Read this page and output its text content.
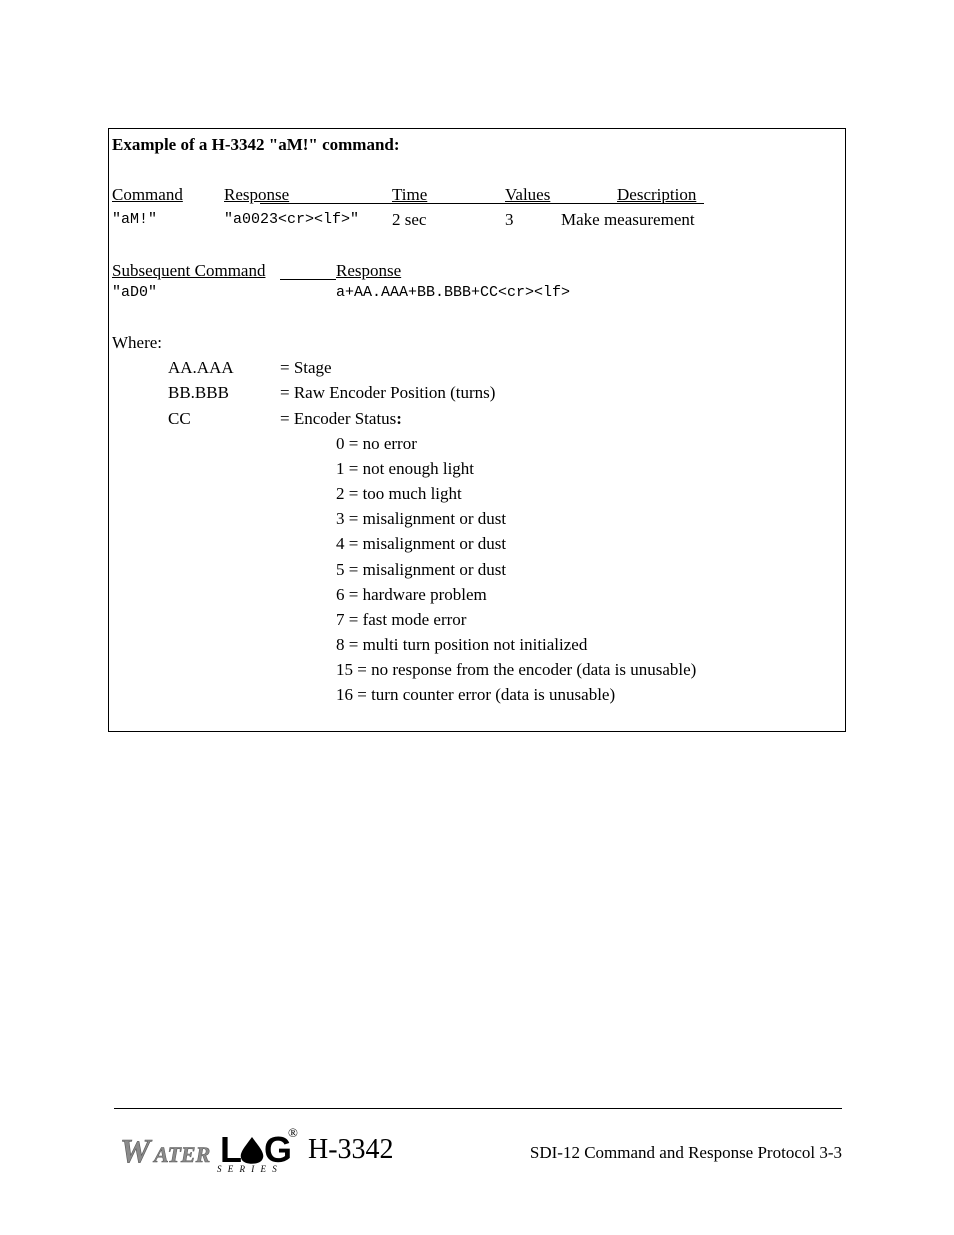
Example of a H-3342 "aM!" command:
Command Response	Time	Values	Description
"aM!"	"a0023<cr><lf>" 2 sec	3	Make measurement
Subsequent Command	Response
"aD0"	a+AA.AAA+BB.BBB+CC<cr><lf>
Where:
AA.AAA	= Stage
BB.BBB	= Raw Encoder Position (turns)
CC	= Encoder Status:
0 = no error
1 = not enough light
2 = too much light
3 = misalignment or dust
4 = misalignment or dust
5 = misalignment or dust
6 = hardware problem
7 = fast mode error
8 = multi turn position not initialized
15 = no response from the encoder (data is unusable)
16 = turn counter error (data is unusable)
W ATER L G
S E R I E S
®
H-3342	SDI-12 Command and Response Protocol 3-3
